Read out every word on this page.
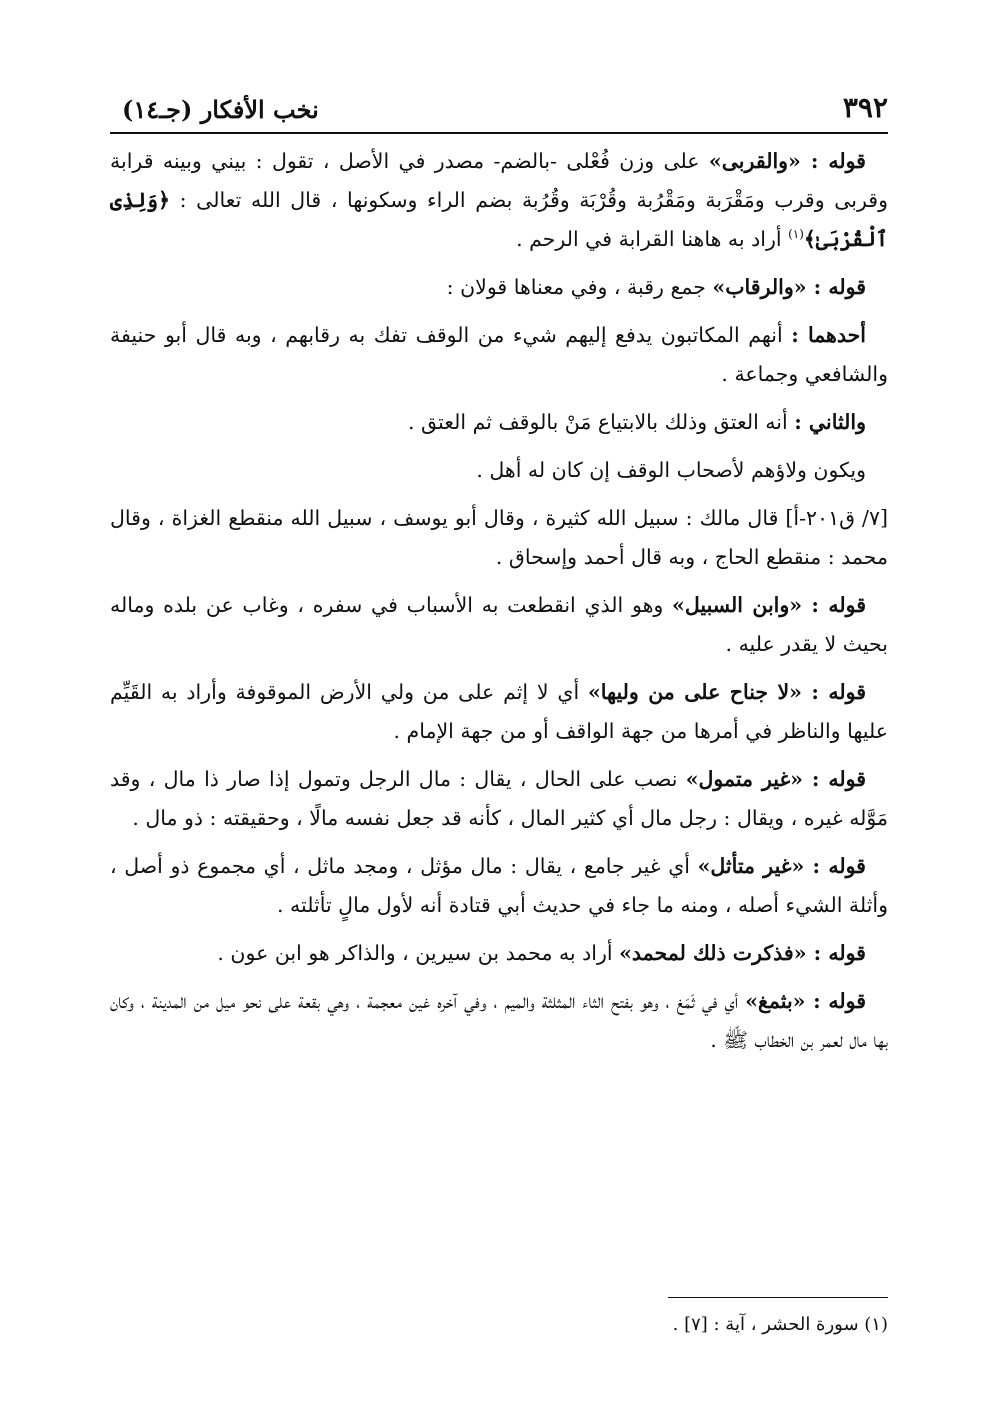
٣٩٢
نخب الأفكار (جـ١٤)

قوله : «والقربى» على وزن فُعْلى -بالضم- مصدر في الأصل ، تقول : بيني وبينه قرابة وقربى وقرب ومَقْرَبة ومَقْرُبة وقُرْبَة وقُرُبة بضم الراء وسكونها ، قال الله تعالى : ﴿وَلِذِى ٱلْقُرْبَىٰ﴾$^{(١)}$ أراد به هاهنا القرابة في الرحم .

قوله : «والرقاب» جمع رقبة ، وفي معناها قولان :

أحدهما : أنهم المكاتبون يدفع إليهم شيء من الوقف تفك به رقابهم ، وبه قال أبو حنيفة والشافعي وجماعة .

والثاني : أنه العتق وذلك بالابتياع مَنْ بالوقف ثم العتق .

ويكون ولاؤهم لأصحاب الوقف إن كان له أهل .

[٧/ ق٢٠١-أ] قال مالك : سبيل الله كثيرة ، وقال أبو يوسف ، سبيل الله منقطع الغزاة ، وقال محمد : منقطع الحاج ، وبه قال أحمد وإسحاق .

قوله : «وابن السبيل» وهو الذي انقطعت به الأسباب في سفره ، وغاب عن بلده وماله بحيث لا يقدر عليه .

قوله : «لا جناح على من وليها» أي لا إثم على من ولي الأرض الموقوفة وأراد به القَيِّم عليها والناظر في أمرها من جهة الواقف أو من جهة الإمام .

قوله : «غير متمول» نصب على الحال ، يقال : مال الرجل وتمول إذا صار ذا مال ، وقد مَوَّله غيره ، ويقال : رجل مال أي كثير المال ، كأنه قد جعل نفسه مالًا ، وحقيقته : ذو مال .

قوله : «غير متأثل» أي غير جامع ، يقال : مال مؤثل ، ومجد ماثل ، أي مجموع ذو أصل ، وأثلة الشيء أصله ، ومنه ما جاء في حديث أبي قتادة أنه لأول مالٍ تأثلته .

قوله : «فذكرت ذلك لمحمد» أراد به محمد بن سيرين ، والذاكر هو ابن عون .

قوله : «بثمغ» أي في ثَمَغ ، وهو بفتح الثاء المثلثة والميم ، وفي آخره غين معجمة ، وهي بقعة على نحو ميل من المدينة ، وكان بها مال لعمر بن الخطاب ﷺ .

(١) سورة الحشر ، آية : [٧] .
